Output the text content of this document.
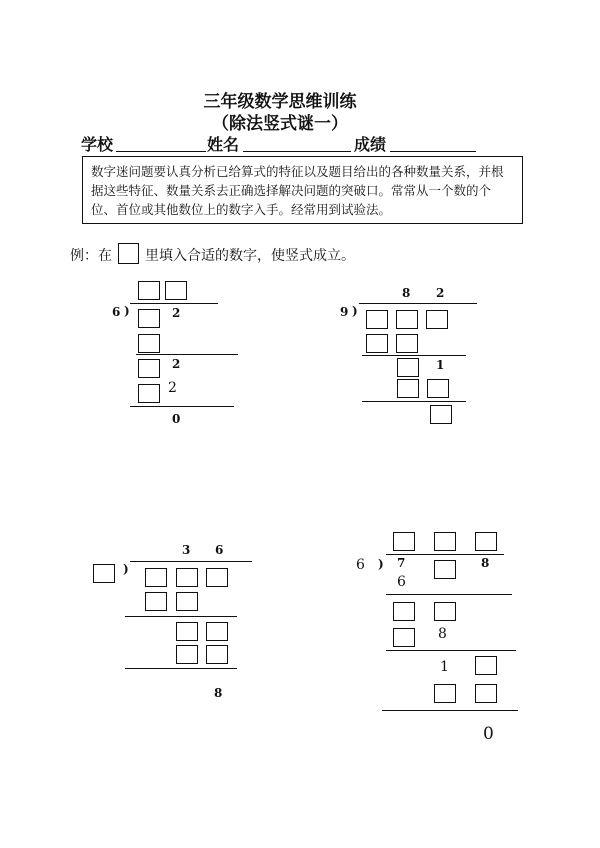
三年级数学思维训练
（除法竖式谜一）
学校	姓名	成绩
数字迷问题要认真分析已给算式的特征以及题目给出的各种数量关系，并根据这些特征、数量关系去正确选择解决问题的突破口。常常从一个数的个位、首位或其他数位上的数字入手。经常用到试验法。
例：在 里填入合适的数字，使竖式成立。
6 )	2
2
2
0
8 2
9 )
1
3 6
)
8
6 ) 7	8
6
8
1
0
